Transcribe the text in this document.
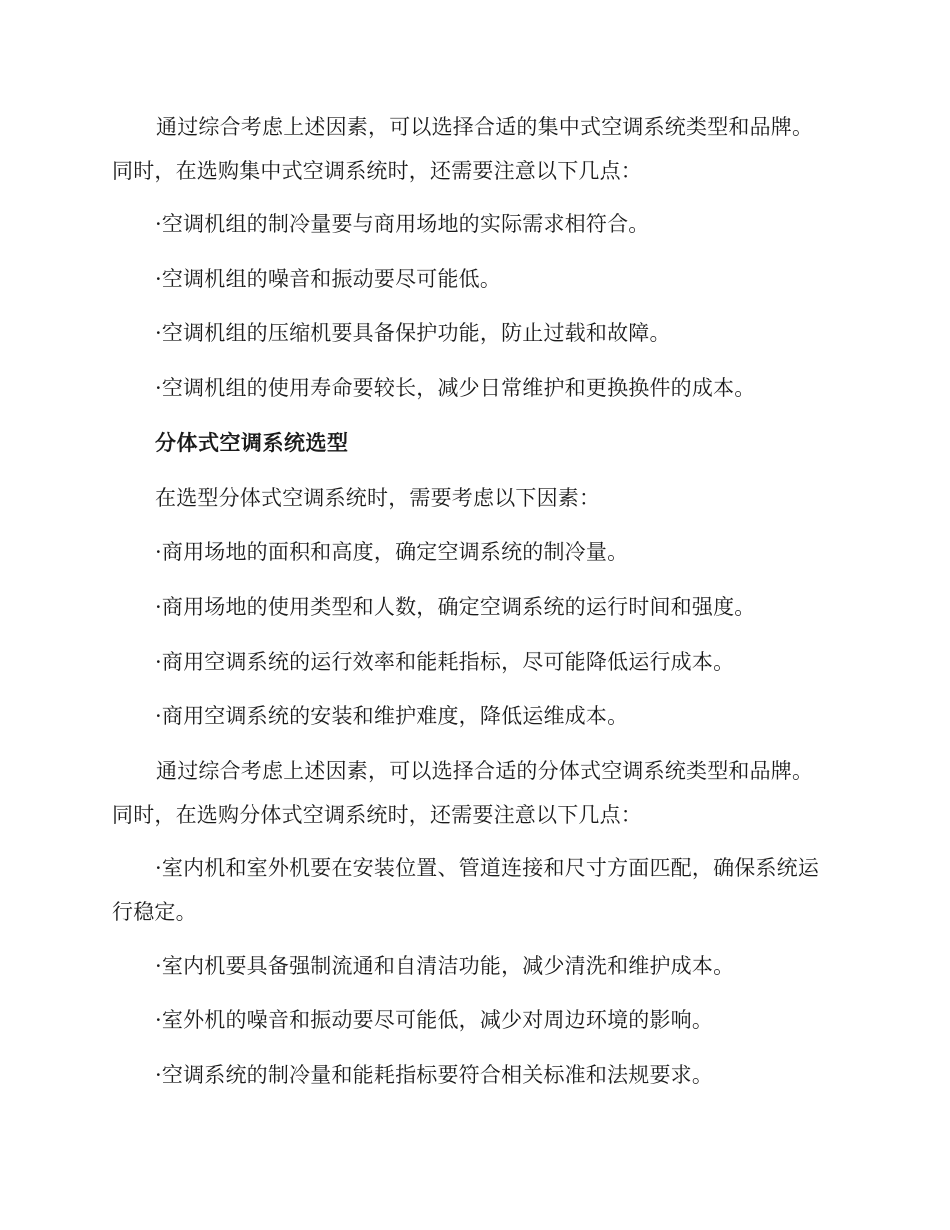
通过综合考虑上述因素，可以选择合适的集中式空调系统类型和品牌。同时，在选购集中式空调系统时，还需要注意以下几点：
·空调机组的制冷量要与商用场地的实际需求相符合。
·空调机组的噪音和振动要尽可能低。
·空调机组的压缩机要具备保护功能，防止过载和故障。
·空调机组的使用寿命要较长，减少日常维护和更换换件的成本。
分体式空调系统选型
在选型分体式空调系统时，需要考虑以下因素：
·商用场地的面积和高度，确定空调系统的制冷量。
·商用场地的使用类型和人数，确定空调系统的运行时间和强度。
·商用空调系统的运行效率和能耗指标，尽可能降低运行成本。
·商用空调系统的安装和维护难度，降低运维成本。
通过综合考虑上述因素，可以选择合适的分体式空调系统类型和品牌。同时，在选购分体式空调系统时，还需要注意以下几点：
·室内机和室外机要在安装位置、管道连接和尺寸方面匹配，确保系统运行稳定。
·室内机要具备强制流通和自清洁功能，减少清洗和维护成本。
·室外机的噪音和振动要尽可能低，减少对周边环境的影响。
·空调系统的制冷量和能耗指标要符合相关标准和法规要求。
